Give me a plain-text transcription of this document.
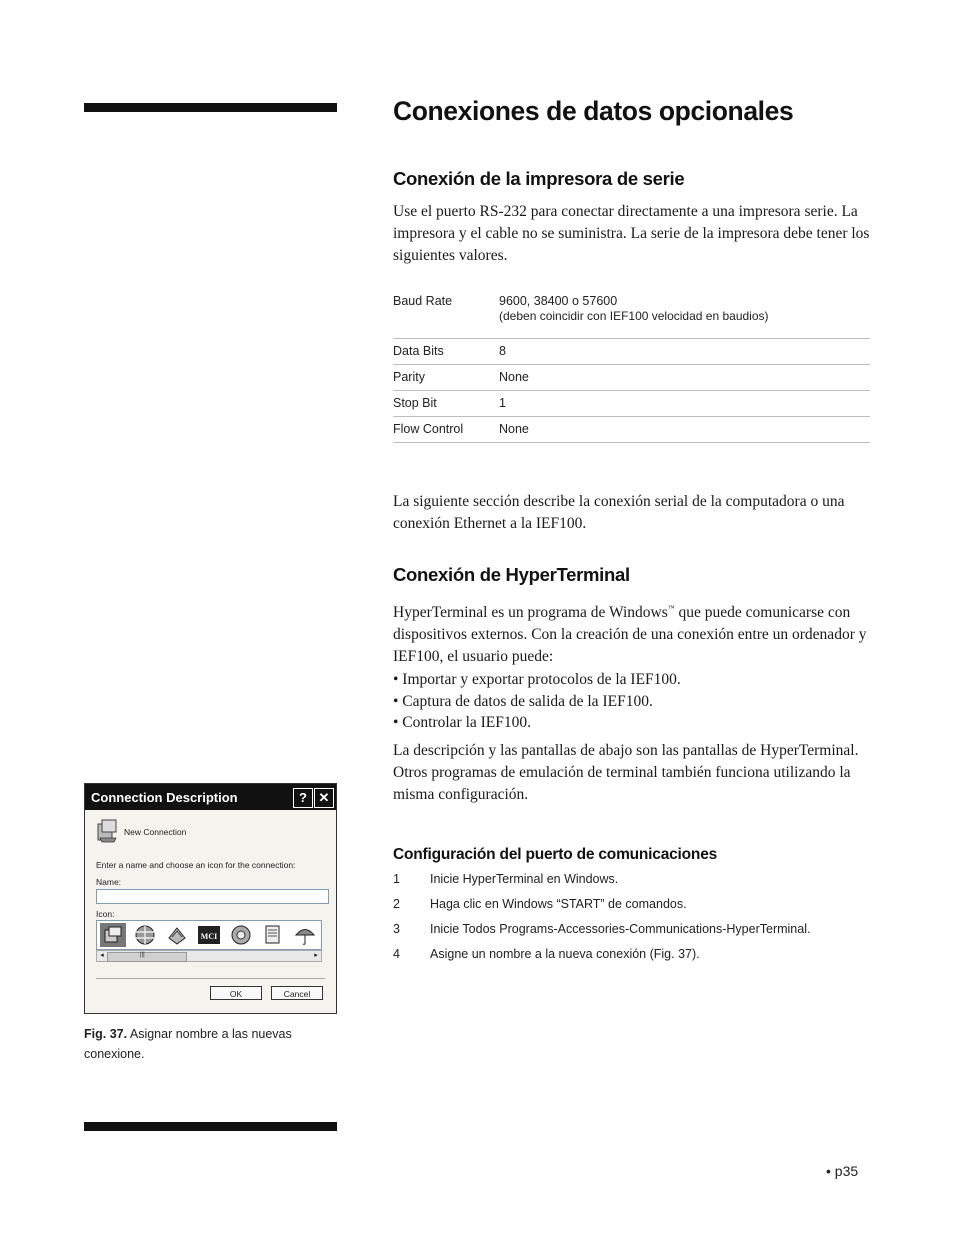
Conexiones de datos opcionales
Conexión de la impresora de serie

Use el puerto RS-232 para conectar directamente a una impresora serie. La impresora y el cable no se suministra. La serie de la impresora debe tener los siguientes valores.

Baud Rate	9600, 38400 o 57600
(deben coincidir con IEF100 velocidad en baudios)

Data Bits	8
Parity	None
Stop Bit	1
Flow Control	None

La siguiente sección describe la conexión serial de la computadora o una conexión Ethernet a la IEF100.

Conexión de HyperTerminal

HyperTerminal es un programa de Windows™ que puede comunicarse con dispositivos externos. Con la creación de una conexión entre un ordenador y IEF100, el usuario puede:

• Importar y exportar protocolos de la IEF100.
• Captura de datos de salida de la IEF100.
• Controlar la IEF100.

La descripción y las pantallas de abajo son las pantallas de HyperTerminal. Otros programas de emulación de terminal también funciona utilizando la misma configuración.

Configuración del puerto de comunicaciones
1	Inicie HyperTerminal en Windows.
2	Haga clic en Windows “START” de comandos.
3	Inicie Todos Programs-Accessories-Communications-HyperTerminal.
4	Asigne un nombre a la nueva conexión (Fig. 37).
Connection Description	? ✕
New Connection
Enter a name and choose an icon for the connection:
Name:
Icon:
MCI
◂	|||	▸
OK	Cancel

Fig. 37. Asignar nombre a las nuevas conexione.

• p35
